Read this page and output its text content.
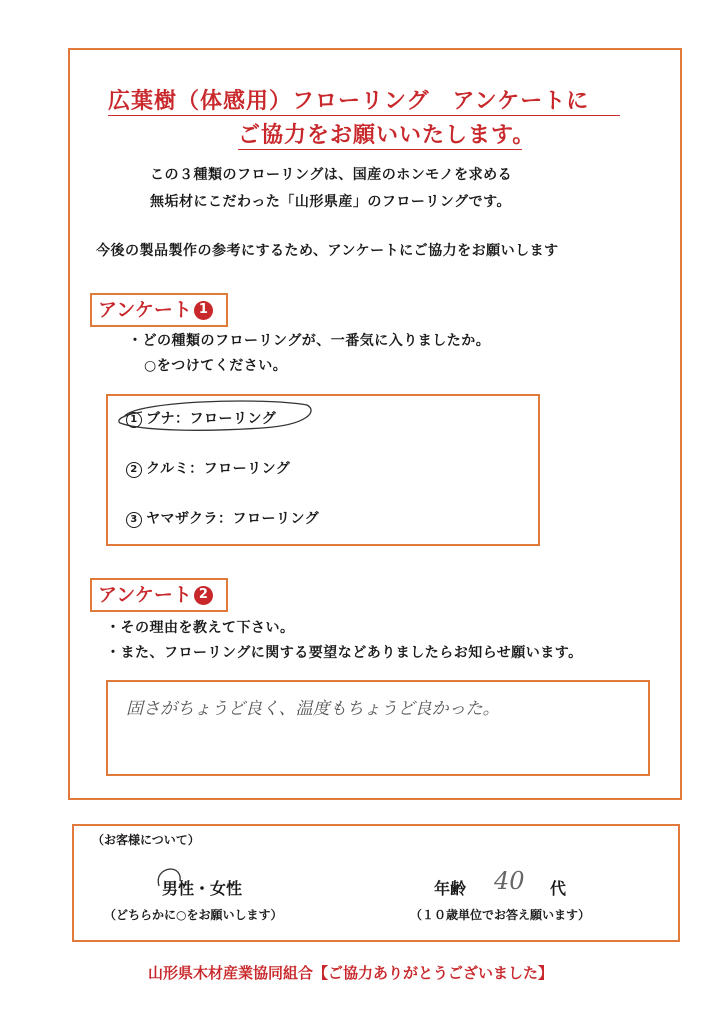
広葉樹（体感用）フローリング　アンケートに
ご協力をお願いいたします。
この３種類のフローリングは、国産のホンモノを求める
無垢材にこだわった「山形県産」のフローリングです。
今後の製品製作の参考にするため、アンケートにご協力をお願いします
アンケート 1
・どの種類のフローリングが、一番気に入りましたか。
○をつけてください。
1 ブナ：フローリング
2 クルミ：フローリング
3 ヤマザクラ：フローリング
アンケート 2
・その理由を教えて下さい。
・また、フローリングに関する要望などありましたらお知らせ願います。
固さがちょうど良く、温度もちょうど良かった。
（お客様について）
男性・女性
（どちらかに○をお願いします）
年齢 40 代
（１０歳単位でお答え願います）
山形県木材産業協同組合【ご協力ありがとうございました】
